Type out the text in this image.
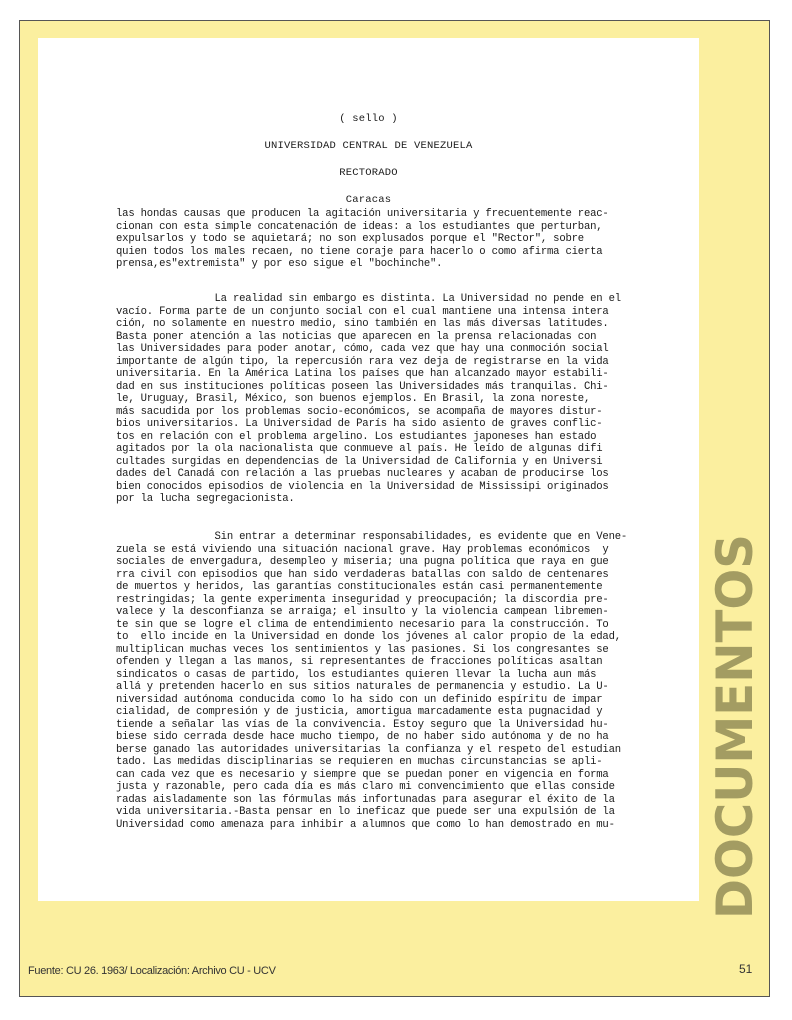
( sello )
UNIVERSIDAD CENTRAL DE VENEZUELA
RECTORADO
Caracas
las hondas causas que producen la agitación universitaria y frecuentemente reac-
cionan con esta simple concatenación de ideas: a los estudiantes que perturban,
expulsarlos y todo se aquietará; no son explusados porque el "Rector", sobre
quien todos los males recaen, no tiene coraje para hacerlo o como afirma cierta
prensa,es"extremista" y por eso sigue el "bochinche".
La realidad sin embargo es distinta. La Universidad no pende en el
vacío. Forma parte de un conjunto social con el cual mantiene una intensa intera
ción, no solamente en nuestro medio, sino también en las más diversas latitudes.
Basta poner atención a las noticias que aparecen en la prensa relacionadas con
las Universidades para poder anotar, cómo, cada vez que hay una conmoción social
importante de algún tipo, la repercusión rara vez deja de registrarse en la vida
universitaria. En la América Latina los países que han alcanzado mayor estabili-
dad en sus instituciones políticas poseen las Universidades más tranquilas. Chi-
le, Uruguay, Brasil, México, son buenos ejemplos. En Brasil, la zona noreste,
más sacudida por los problemas socio-económicos, se acompaña de mayores distur-
bios universitarios. La Universidad de París ha sido asiento de graves conflic-
tos en relación con el problema argelino. Los estudiantes japoneses han estado
agitados por la ola nacionalista que conmueve al país. He leído de algunas difi
cultades surgidas en dependencias de la Universidad de California y en Universi
dades del Canadá con relación a las pruebas nucleares y acaban de producirse los
bien conocidos episodios de violencia en la Universidad de Mississipi originados
por la lucha segregacionista.
Sin entrar a determinar responsabilidades, es evidente que en Vene-
zuela se está viviendo una situación nacional grave. Hay problemas económicos  y
sociales de envergadura, desempleo y miseria; una pugna política que raya en gue
rra civil con episodios que han sido verdaderas batallas con saldo de centenares
de muertos y heridos, las garantías constitucionales están casi permanentemente
restringidas; la gente experimenta inseguridad y preocupación; la discordia pre-
valece y la desconfianza se arraiga; el insulto y la violencia campean libremen-
te sin que se logre el clima de entendimiento necesario para la construcción. To
to  ello incide en la Universidad en donde los jóvenes al calor propio de la edad,
multiplican muchas veces los sentimientos y las pasiones. Si los congresantes se
ofenden y llegan a las manos, si representantes de fracciones políticas asaltan
sindicatos o casas de partido, los estudiantes quieren llevar la lucha aun más
allá y pretenden hacerlo en sus sitios naturales de permanencia y estudio. La U-
niversidad autónoma conducida como lo ha sido con un definido espíritu de impar
cialidad, de compresión y de justicia, amortigua marcadamente esta pugnacidad y
tiende a señalar las vías de la convivencia. Estoy seguro que la Universidad hu-
biese sido cerrada desde hace mucho tiempo, de no haber sido autónoma y de no ha
berse ganado las autoridades universitarias la confianza y el respeto del estudian
tado. Las medidas disciplinarias se requieren en muchas circunstancias se apli-
can cada vez que es necesario y siempre que se puedan poner en vigencia en forma
justa y razonable, pero cada día es más claro mi convencimiento que ellas conside
radas aisladamente son las fórmulas más infortunadas para asegurar el éxito de la
vida universitaria.-Basta pensar en lo ineficaz que puede ser una expulsión de la
Universidad como amenaza para inhibir a alumnos que como lo han demostrado en mu-	DOCUMENTOS
Fuente: CU 26. 1963/ Localización: Archivo CU - UCV	51
